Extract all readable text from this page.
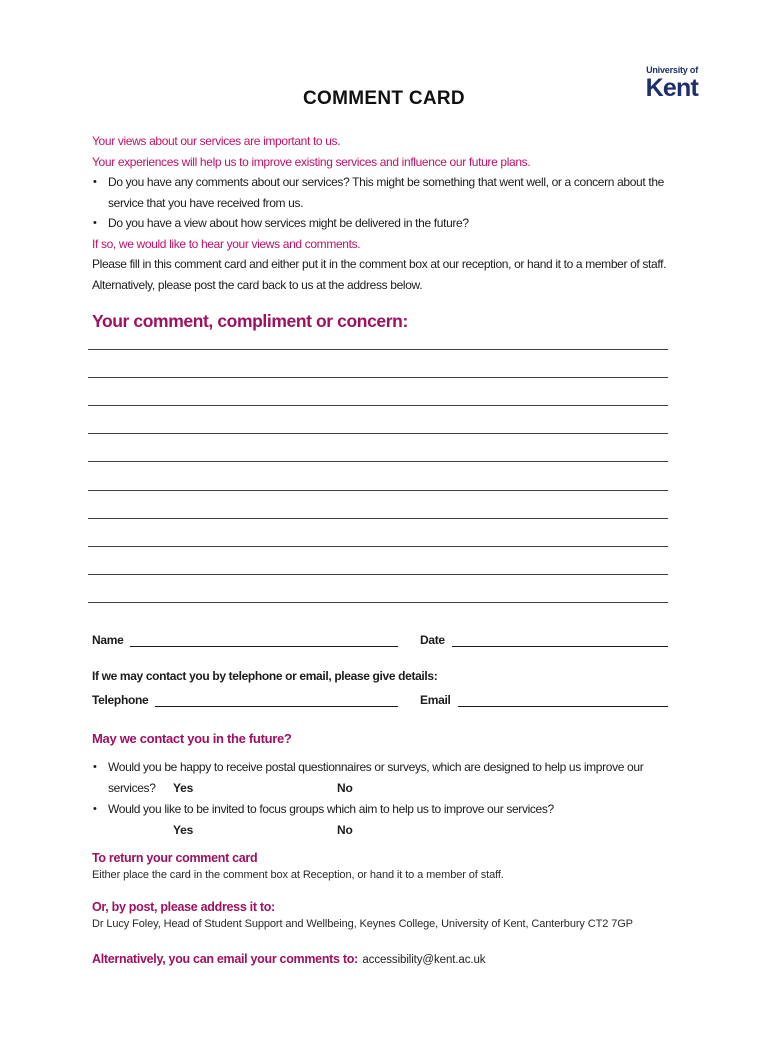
University of
Kent
COMMENT CARD
Your views about our services are important to us.
Your experiences will help us to improve existing services and influence our future plans.
• Do you have any comments about our services? This might be something that went well, or a concern about the service that you have received from us.
• Do you have a view about how services might be delivered in the future?
If so, we would like to hear your views and comments.
Please fill in this comment card and either put it in the comment box at our reception, or hand it to a member of staff.
Alternatively, please post the card back to us at the address below.
Your comment, compliment or concern:
Name	Date
If we may contact you by telephone or email, please give details:
Telephone	Email
May we contact you in the future?
• Would you be happy to receive postal questionnaires or surveys, which are designed to help us improve our
services? Yes	No
• Would you like to be invited to focus groups which aim to help us to improve our services?
Yes	No
To return your comment card
Either place the card in the comment box at Reception, or hand it to a member of staff.
Or, by post, please address it to:
Dr Lucy Foley, Head of Student Support and Wellbeing, Keynes College, University of Kent, Canterbury CT2 7GP
Alternatively, you can email your comments to: accessibility@kent.ac.uk
